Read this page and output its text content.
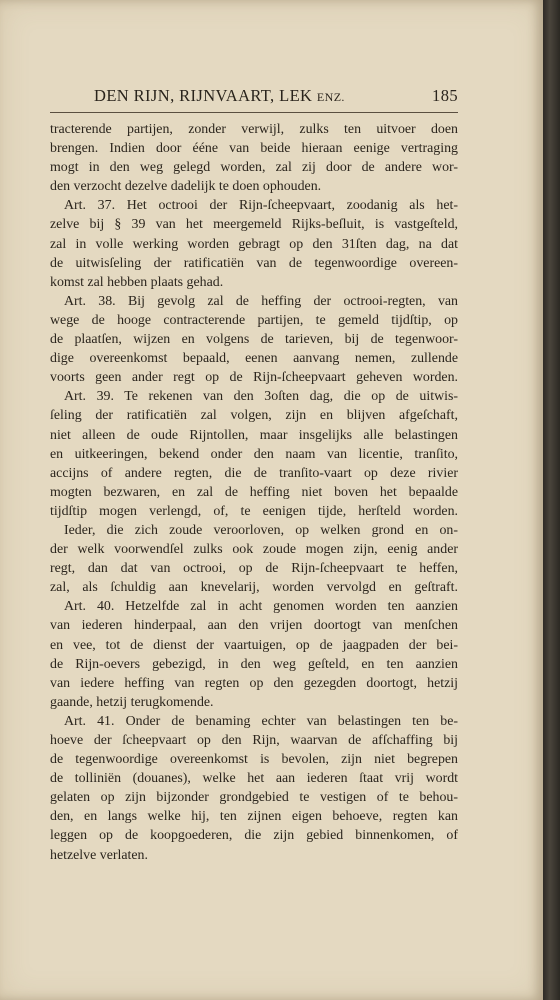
DEN RIJN, RIJNVAART, LEK ENZ.	185
tracterende partijen, zonder verwijl, zulks ten uitvoer doen
brengen. Indien door éénе van beide hieraan eenige vertraging
mogt in den weg gelegd worden, zal zij door de andere wor-
den verzocht dezelve dadelijk te doen ophouden.
Art. 37. Het octrooi der Rijn-ſcheepvaart, zoodanig als het-
zelve bij § 39 van het meergemeld Rijks-beſluit, is vastgeſteld,
zal in volle werking worden gebragt op den 31ſten dag, na dat
de uitwisſeling der ratificatiën van de tegenwoordige overeen-
komst zal hebben plaats gehad.
Art. 38. Bij gevolg zal de heffing der octrooi-regten, van
wege de hooge contracterende partijen, te gemeld tijdſtip, op
de plaatſen, wijzen en volgens de tarieven, bij de tegenwoor-
dige overeenkomst bepaald, eenen aanvang nemen, zullende
voorts geen ander regt op de Rijn-ſcheepvaart geheven worden.
Art. 39. Te rekenen van den 3oſten dag, die op de uitwis-
ſeling der ratificatiën zal volgen, zijn en blijven afgeſchaft,
niet alleen de oude Rijntollen, maar insgelijks alle belastingen
en uitkeeringen, bekend onder den naam van licentie, tranſito,
accijns of andere regten, die de tranſito-vaart op deze rivier
mogten bezwaren, en zal de heffing niet boven het bepaalde
tijdſtip mogen verlengd, of, te eenigen tijde, herſteld worden.
Ieder, die zich zoude veroorloven, op welken grond en on-
der welk voorwendſel zulks ook zoude mogen zijn, eenig ander
regt, dan dat van octrooi, op de Rijn-ſcheepvaart te heffen,
zal, als ſchuldig aan knevelarij, worden vervolgd en geſtraft.
Art. 40. Hetzelfde zal in acht genomen worden ten aanzien
van iederen hinderpaal, aan den vrijen doortogt van menſchen
en vee, tot de dienst der vaartuigen, op de jaagpaden der bei-
de Rijn-oevers gebezigd, in den weg geſteld, en ten aanzien
van iedere heffing van regten op den gezegden doortogt, hetzij
gaande, hetzij terugkomende.
Art. 41. Onder de benaming echter van belastingen ten be-
hoeve der ſcheepvaart op den Rijn, waarvan de afſchaffing bij
de tegenwoordige overeenkomst is bevolen, zijn niet begrepen
de tolliniën (douanes), welke het aan iederen ſtaat vrij wordt
gelaten op zijn bijzonder grondgebied te vestigen of te behou-
den, en langs welke hij, ten zijnen eigen behoeve, regten kan
leggen op de koopgoederen, die zijn gebied binnenkomen, of
hetzelve verlaten.
